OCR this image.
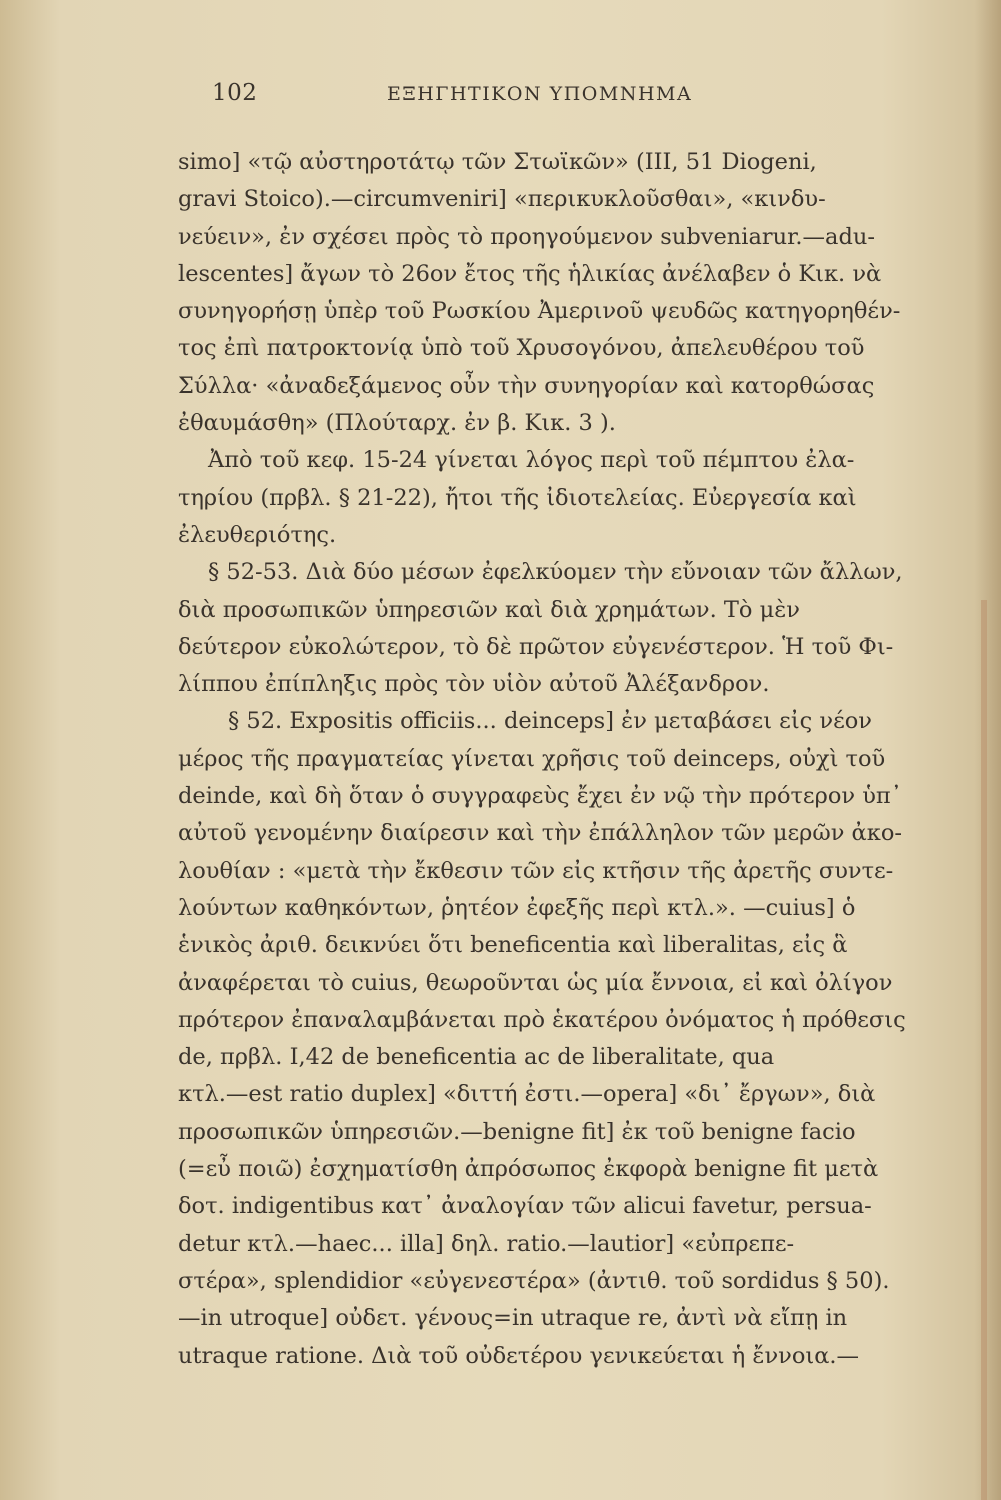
102	ΕΞΗΓΗΤΙΚΟΝ ΥΠΟΜΝΗΜΑ
simo] «τῷ αὐστηροτάτῳ τῶν Στωϊκῶν» (III, 51 Diogeni,
gravi Stoico).—circumveniri] «περικυκλοῦσθαι», «κινδυ-
νεύειν», ἐν σχέσει πρὸς τὸ προηγούμενον subveniarur.—adu-
lescentes] ἄγων τὸ 26ον ἔτος τῆς ἡλικίας ἀνέλαβεν ὁ Κικ. νὰ
συνηγορήσῃ ὑπὲρ τοῦ Ρωσκίου Ἀμερινοῦ ψευδῶς κατηγορηθέν-
τος ἐπὶ πατροκτονίᾳ ὑπὸ τοῦ Χρυσογόνου, ἀπελευθέρου τοῦ
Σύλλα· «ἀναδεξάμενος οὖν τὴν συνηγορίαν καὶ κατορθώσας
ἐθαυμάσθη» (Πλούταρχ. ἐν β. Κικ. 3 ).
Ἀπὸ τοῦ κεφ. 15-24 γίνεται λόγος περὶ τοῦ πέμπτου ἐλα-
τηρίου (πρβλ. § 21-22), ἤτοι τῆς ἰδιοτελείας. Εὐεργεσία καὶ
ἐλευθεριότης.
§ 52-53. Διὰ δύο μέσων ἐφελκύομεν τὴν εὔνοιαν τῶν ἄλλων,
διὰ προσωπικῶν ὑπηρεσιῶν καὶ διὰ χρημάτων. Τὸ μὲν
δεύτερον εὐκολώτερον, τὸ δὲ πρῶτον εὐγενέστερον. Ἡ τοῦ Φι-
λίππου ἐπίπληξις πρὸς τὸν υἱὸν αὐτοῦ Ἀλέξανδρον.
§ 52. Expositis officiis... deinceps] ἐν μεταβάσει εἰς νέον
μέρος τῆς πραγματείας γίνεται χρῆσις τοῦ deinceps, οὐχὶ τοῦ
deinde, καὶ δὴ ὅταν ὁ συγγραφεὺς ἔχει ἐν νῷ τὴν πρότερον ὑπ᾽
αὐτοῦ γενομένην διαίρεσιν καὶ τὴν ἐπάλληλον τῶν μερῶν ἀκο-
λουθίαν : «μετὰ τὴν ἔκθεσιν τῶν εἰς κτῆσιν τῆς ἀρετῆς συντε-
λούντων καθηκόντων, ῥητέον ἐφεξῆς περὶ κτλ.». —cuius] ὁ
ἑνικὸς ἀριθ. δεικνύει ὅτι beneficentia καὶ liberalitas, εἰς ἃ
ἀναφέρεται τὸ cuius, θεωροῦνται ὡς μία ἔννοια, εἰ καὶ ὀλίγον
πρότερον ἐπαναλαμβάνεται πρὸ ἑκατέρου ὀνόματος ἡ πρόθεσις
de, πρβλ. I,42 de beneficentia ac de liberalitate, qua
κτλ.—est ratio duplex] «διττή ἐστι.—opera] «δι᾽ ἔργων», διὰ
προσωπικῶν ὑπηρεσιῶν.—benigne fit] ἐκ τοῦ benigne facio
(=εὖ ποιῶ) ἐσχηματίσθη ἀπρόσωπος ἐκφορὰ benigne fit μετὰ
δοτ. indigentibus κατ᾽ ἀναλογίαν τῶν alicui favetur, persua-
detur κτλ.—haec... illa] δηλ. ratio.—lautior] «εὐπρεπε-
στέρα», splendidior «εὐγενεστέρα» (ἀντιθ. τοῦ sordidus § 50).
—in utroque] οὐδετ. γένους=in utraque re, ἀντὶ νὰ εἴπῃ in
utraque ratione. Διὰ τοῦ οὐδετέρου γενικεύεται ἡ ἔννοια.—
